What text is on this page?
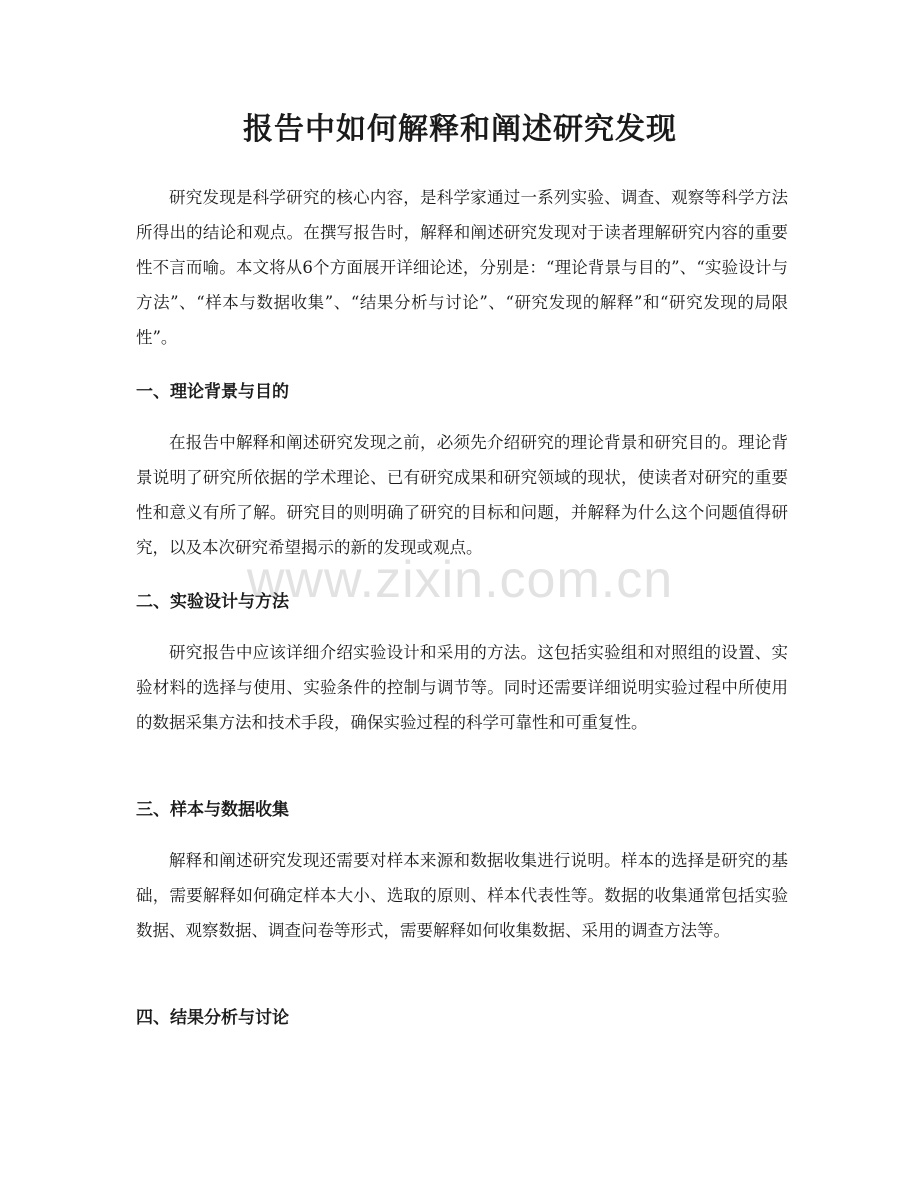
报告中如何解释和阐述研究发现

研究发现是科学研究的核心内容，是科学家通过一系列实验、调查、观察等科学方法所得出的结论和观点。在撰写报告时，解释和阐述研究发现对于读者理解研究内容的重要性不言而喻。本文将从6个方面展开详细论述，分别是：“理论背景与目的”、“实验设计与方法”、“样本与数据收集”、“结果分析与讨论”、“研究发现的解释”和“研究发现的局限性”。

一、理论背景与目的

在报告中解释和阐述研究发现之前，必须先介绍研究的理论背景和研究目的。理论背景说明了研究所依据的学术理论、已有研究成果和研究领域的现状，使读者对研究的重要性和意义有所了解。研究目的则明确了研究的目标和问题，并解释为什么这个问题值得研究，以及本次研究希望揭示的新的发现或观点。

二、实验设计与方法

研究报告中应该详细介绍实验设计和采用的方法。这包括实验组和对照组的设置、实验材料的选择与使用、实验条件的控制与调节等。同时还需要详细说明实验过程中所使用的数据采集方法和技术手段，确保实验过程的科学可靠性和可重复性。

三、样本与数据收集

解释和阐述研究发现还需要对样本来源和数据收集进行说明。样本的选择是研究的基础，需要解释如何确定样本大小、选取的原则、样本代表性等。数据的收集通常包括实验数据、观察数据、调查问卷等形式，需要解释如何收集数据、采用的调查方法等。

四、结果分析与讨论
www.zixin.com.cn
